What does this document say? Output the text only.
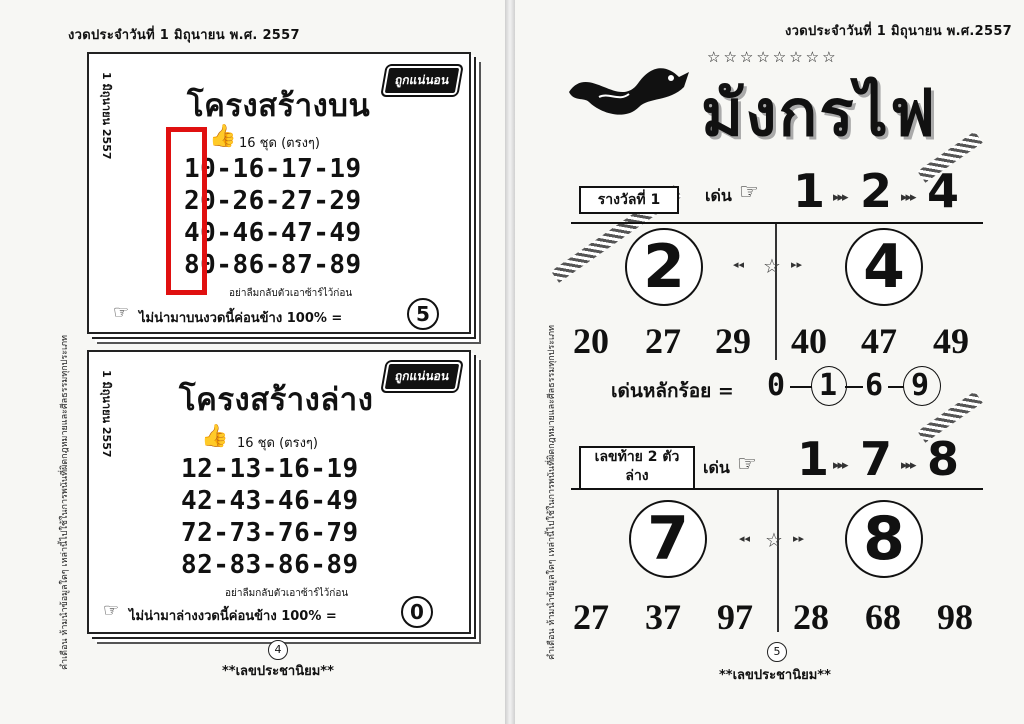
งวดประจำวันที่ 1 มิถุนายน พ.ศ. 2557
คำเตือน ห้ามนำข้อมูลใดๆ เหล่านี้ไปใช้ในการพนันที่ผิดกฎหมายและศีลธรรมทุกประเภท
1 มิถุนายน 2557	ถูกแน่นอน
โครงสร้างบน
👍 16 ชุด (ตรงๆ)
10-16-17-19
20-26-27-29
40-46-47-49
80-86-87-89
อย่าลืมกลับตัวเอาซ้าร์ไว้ก่อน
☞ ไม่น่ามาบนงวดนี้ค่อนข้าง 100% =	5
1 มิถุนายน 2557	ถูกแน่นอน
โครงสร้างล่าง
👍 16 ชุด (ตรงๆ)
12-13-16-19
42-43-46-49
72-73-76-79
82-83-86-89
อย่าลืมกลับตัวเอาซ้าร์ไว้ก่อน
☞ ไม่น่ามาล่างงวดนี้ค่อนข้าง 100% =	0
4
**เลขประชานิยม**
งวดประจำวันที่ 1 มิถุนายน พ.ศ.2557
คำเตือน ห้ามนำข้อมูลใดๆ เหล่านี้ไปใช้ในการพนันที่ผิดกฎหมายและศีลธรรมทุกประเภท
☆☆☆☆☆☆☆☆
มังกรไฟ
รางวัลที่ 1	เด่น ☞ 1 ▸▸▸ 2 ▸▸▸ 4
2	◂◂ ☆ ▸▸	4
20 27 29 40 47 49
เด่นหลักร้อย = 0 1 6 9
เลขท้าย 2 ตัว
ล่าง	เด่น ☞ 1 ▸▸▸ 7 ▸▸▸ 8
7	◂◂ ☆ ▸▸ 8
27 37 97 28 68 98
5
**เลขประชานิยม**
